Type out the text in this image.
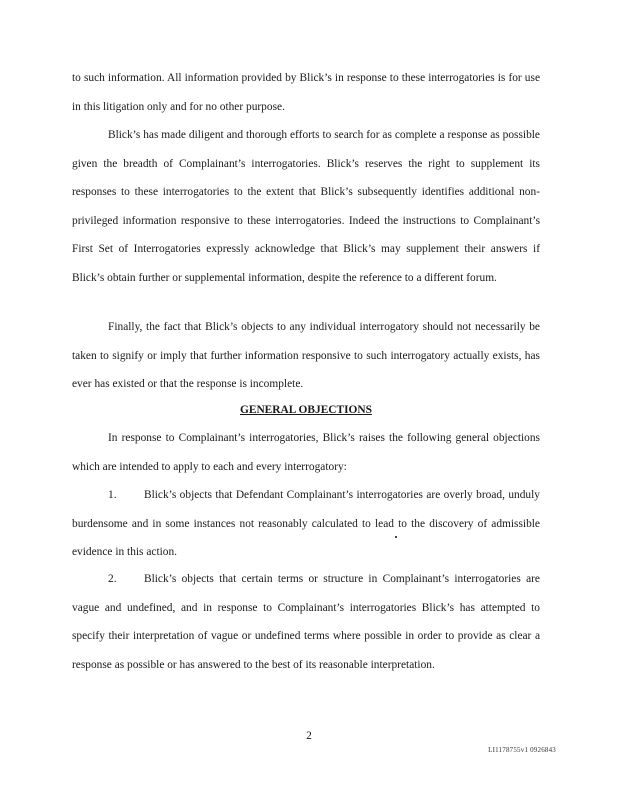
to such information. All information provided by Blick’s in response to these interrogatories is for use in this litigation only and for no other purpose.

Blick’s has made diligent and thorough efforts to search for as complete a response as possible given the breadth of Complainant’s interrogatories. Blick’s reserves the right to supplement its responses to these interrogatories to the extent that Blick’s subsequently identifies additional non-privileged information responsive to these interrogatories. Indeed the instructions to Complainant’s First Set of Interrogatories expressly acknowledge that Blick’s may supplement their answers if Blick’s obtain further or supplemental information, despite the reference to a different forum.

Finally, the fact that Blick’s objects to any individual interrogatory should not necessarily be taken to signify or imply that further information responsive to such interrogatory actually exists, has ever has existed or that the response is incomplete.

GENERAL OBJECTIONS

In response to Complainant’s interrogatories, Blick’s raises the following general objections which are intended to apply to each and every interrogatory:

1. Blick’s objects that Defendant Complainant’s interrogatories are overly broad, unduly burdensome and in some instances not reasonably calculated to lead to the discovery of admissible evidence in this action.

2. Blick’s objects that certain terms or structure in Complainant’s interrogatories are vague and undefined, and in response to Complainant’s interrogatories Blick’s has attempted to specify their interpretation of vague or undefined terms where possible in order to provide as clear a response as possible or has answered to the best of its reasonable interpretation.

2

LI1178755v1 0926843
